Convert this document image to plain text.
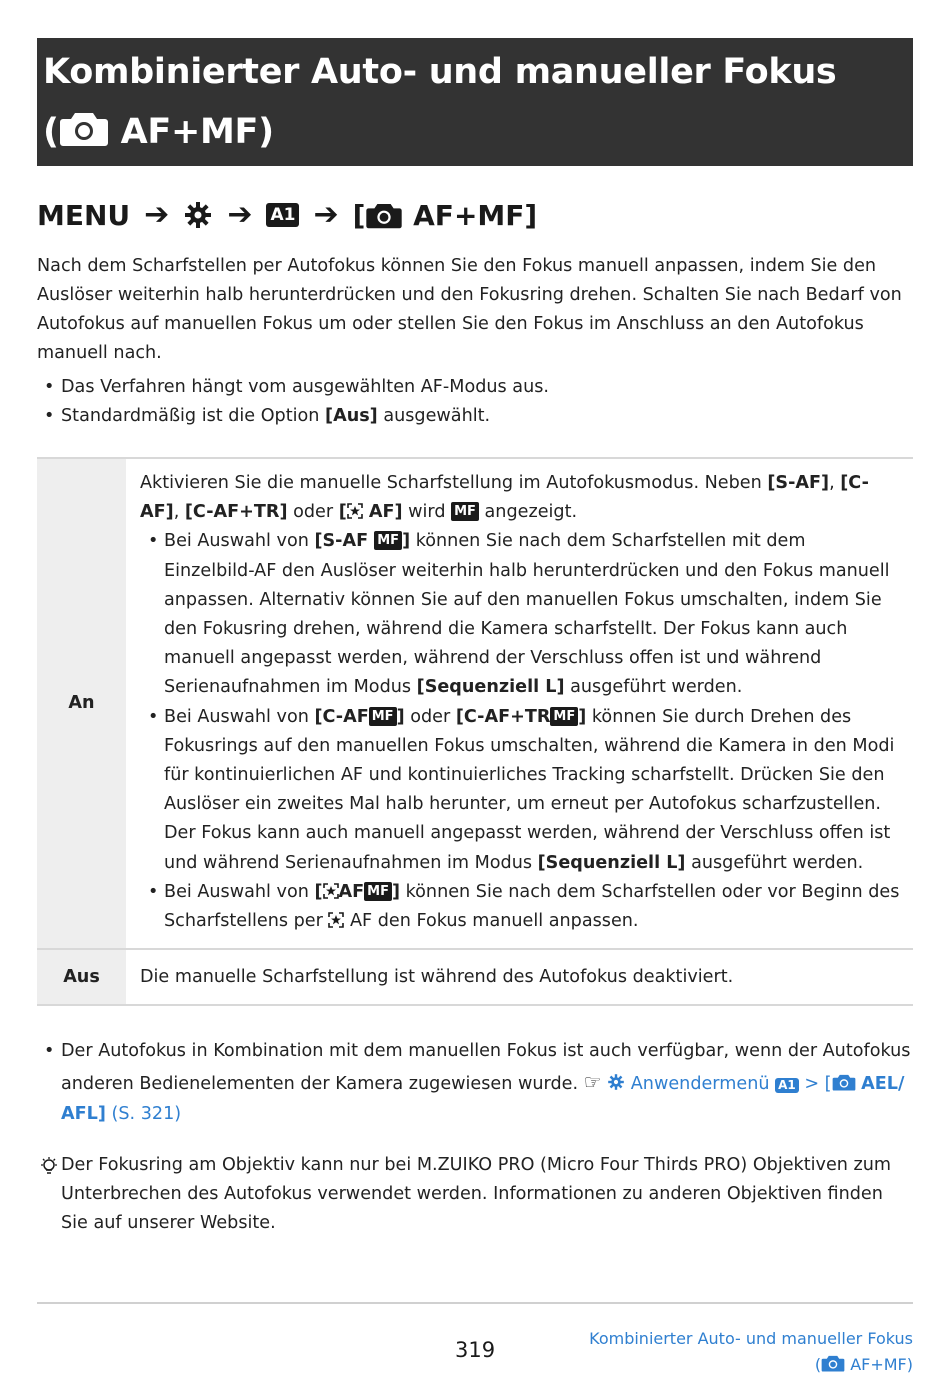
Kombinierter Auto- und manueller Fokus
( AF+MF)
MENU ➔ ➔ A1 ➔ [ AF+MF]
Nach dem Scharfstellen per Autofokus können Sie den Fokus manuell anpassen, indem Sie den Auslöser weiterhin halb herunterdrücken und den Fokusring drehen. Schalten Sie nach Bedarf von Autofokus auf manuellen Fokus um oder stellen Sie den Fokus im Anschluss an den Autofokus manuell nach.
• Das Verfahren hängt vom ausgewählten AF-Modus aus.
• Standardmäßig ist die Option [Aus] ausgewählt.
An	Aktivieren Sie die manuelle Scharfstellung im Autofokusmodus. Neben [S-AF], [C-AF], [C-AF+TR] oder [ AF] wird MF angezeigt.
• Bei Auswahl von [S-AF MF ] können Sie nach dem Scharfstellen mit dem Einzelbild-AF den Auslöser weiterhin halb herunterdrücken und den Fokus manuell anpassen. Alternativ können Sie auf den manuellen Fokus umschalten, indem Sie den Fokusring drehen, während die Kamera scharfstellt. Der Fokus kann auch manuell angepasst werden, während der Verschluss offen ist und während Serienaufnahmen im Modus [Sequenziell L] ausgeführt werden.
• Bei Auswahl von [C-AF MF ] oder [C-AF+TR MF ] können Sie durch Drehen des Fokusrings auf den manuellen Fokus umschalten, während die Kamera in den Modi für kontinuierlichen AF und kontinuierliches Tracking scharfstellt. Drücken Sie den Auslöser ein zweites Mal halb herunter, um erneut per Autofokus scharfzustellen. Der Fokus kann auch manuell angepasst werden, während der Verschluss offen ist und während Serienaufnahmen im Modus [Sequenziell L] ausgeführt werden.
• Bei Auswahl von [ AF MF ] können Sie nach dem Scharfstellen oder vor Beginn des Scharfstellens per  AF den Fokus manuell anpassen.

Aus	Die manuelle Scharfstellung ist während des Autofokus deaktiviert.
• Der Autofokus in Kombination mit dem manuellen Fokus ist auch verfügbar, wenn der Autofokus anderen Bedienelementen der Kamera zugewiesen wurde. ☞ Anwendermenü A1 > [ AEL/ AFL] (S. 321)
Der Fokusring am Objektiv kann nur bei M.ZUIKO PRO (Micro Four Thirds PRO) Objektiven zum Unterbrechen des Autofokus verwendet werden. Informationen zu anderen Objektiven finden Sie auf unserer Website.
319	Kombinierter Auto- und manueller Fokus
( AF+MF)
